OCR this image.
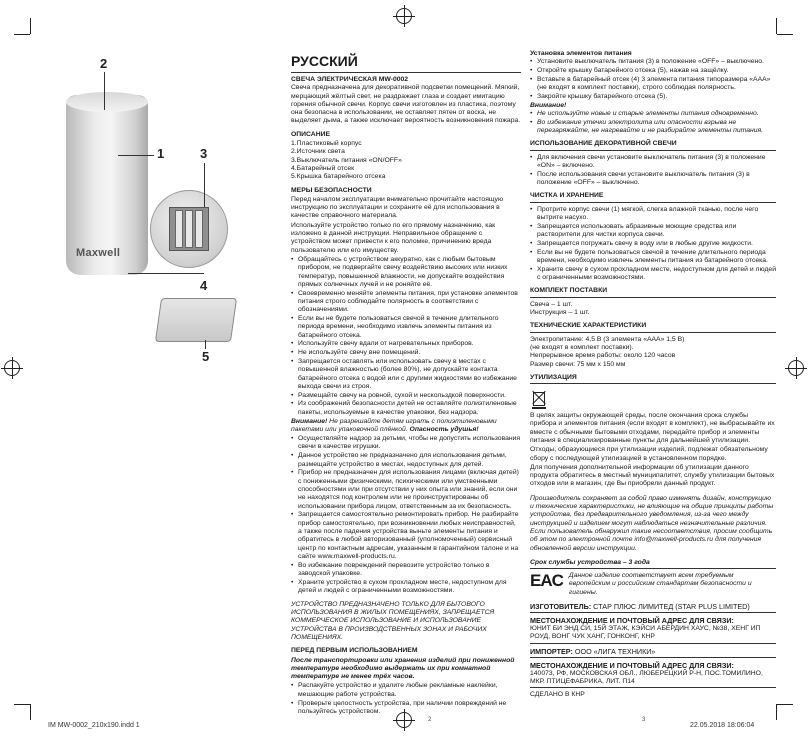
Maxwell
2
1	3
4
5
РУССКИЙ
СВЕЧА ЭЛЕКТРИЧЕСКАЯ MW-0002

Свеча предназначена для декоративной подсветки помещений. Мягкий, мерцающий жёлтый свет, не раздражает глаза и создает имитацию горения обычной свечи. Корпус свечи изготовлен из пластика, поэтому она безопасна в использовании, не оставляет пятен от воска, не выделяет дыма, а также исключает вероятность возникновения пожара.

ОПИСАНИЕ
1.Пластиковый корпус
2.Источник света
3.Выключатель питания «ON/OFF»
4.Батарейный отсек
5.Крышка батарейного отсека
МЕРЫ БЕЗОПАСНОСТИ

Перед началом эксплуатации внимательно прочитайте настоящую инструкцию по эксплуатации и сохраните её для использования в качестве справочного материала.

Используйте устройство только по его прямому назначению, как изложено в данной инструкции. Неправильное обращение с устройством может привести к его поломке, причинению вреда пользователю или его имуществу.

• Обращайтесь с устройством аккуратно, как с любым бытовым прибором, не подвергайте свечу воздействию высоких или низких температур, повышенной влажности, не допускайте воздействия прямых солнечных лучей и не роняйте её.
• Своевременно меняйте элементы питания, при установке элементов питания строго соблюдайте полярность в соответствии с обозначениями.
• Если вы не будете пользоваться свечой в течение длительного периода времени, необходимо извлечь элементы питания из батарейного отсека.
• Используйте свечу вдали от нагревательных приборов.
• Не используйте свечу вне помещений.
• Запрещается оставлять или использовать свечу в местах с повышенной влажностью (более 80%), не допускайте контакта батарейного отсека с водой или с другими жидкостями во избежание выхода свечи из строя.
• Размещайте свечу на ровной, сухой и нескольздкой поверхности.
• Из соображений безопасности детей не оставляйте полиэтиленовые пакеты, используемые в качестве упаковки, без надзора.

Внимание! Не разрешайте детям играть с полиэтиленовыми пакетами или упаковочной плёнкой. Опасность удушья!

• Осуществляйте надзор за детьми, чтобы не допустить использования свечи в качестве игрушки.
• Данное устройство не предназначено для использования детьми, размещайте устройство в местах, недоступных для детей.
• Прибор не предназначен для использования лицами (включая детей) с пониженными физическими, психическими или умственными способностями или при отсутствии у них опыта или знаний, если они не находятся под контролем или не проинструктированы об использовании прибора лицом, ответственным за их безопасность.
• Запрещается самостоятельно ремонтировать прибор. Не разбирайте прибор самостоятельно, при возникновении любых неисправностей, а также после падения устройства выньте элементы питания и обратитесь в любой авторизованный (уполномоченный) сервисный центр по контактным адресам, указанным в гарантийном талоне и на сайте www.maxwell-products.ru.
• Во избежание повреждений перевозите устройство только в заводской упаковке.
• Храните устройство в сухом прохладном месте, недоступном для детей и людей с ограниченными возможностями.

УСТРОЙСТВО ПРЕДНАЗНАЧЕНО ТОЛЬКО ДЛЯ БЫТОВОГО ИСПОЛЬЗОВАНИЯ В ЖИЛЫХ ПОМЕЩЕНИЯХ, ЗАПРЕЩАЕТСЯ КОММЕРЧЕСКОЕ ИСПОЛЬЗОВАНИЕ И ИСПОЛЬЗОВАНИЕ УСТРОЙСТВА В ПРОИЗВОДСТВЕННЫХ ЗОНАХ И РАБОЧИХ ПОМЕЩЕНИЯХ.

ПЕРЕД ПЕРВЫМ ИСПОЛЬЗОВАНИЕМ

После транспортировки или хранения изделий при пониженной температуре необходимо выдержать их при комнатной температуре не менее трёх часов.

• Распакуйте устройство и удалите любые рекламные наклейки, мешающие работе устройства.
• Проверьте целостность устройства, при наличии повреждений не пользуйтесь устройством.
2
Установка элементов питания
• Установите выключатель питания (3) в положение «OFF» – выключено.
• Откройте крышку батарейного отсека (5), нажав на защёлку.
• Вставьте в батарейный отсек (4) 3 элемента питания типоразмера «AAA» (не входят в комплект поставки), строго соблюдая полярность.
• Закройте крышку батарейного отсека (5).
Внимание!
• Не используйте новые и старые элементы питания одновременно.
• Во избежание утечки электролита или опасности взрыва не перезаряжайте, не нагревайте и не разбирайте элементы питания.
ИСПОЛЬЗОВАНИЕ ДЕКОРАТИВНОЙ СВЕЧИ
• Для включения свечи установите выключатель питания (3) в положение «ON» – включено.
• После использования свечи установите выключатель питания (3) в положение «OFF» – выключено.
ЧИСТКА И ХРАНЕНИЕ
• Протрите корпус свечи (1) мягкой, слегка влажной тканью, после чего вытрите насухо.
• Запрещается использовать абразивные моющие средства или растворители для чистки корпуса свечи.
• Запрещается погружать свечу в воду или в любые другие жидкости.
• Если вы не будете пользоваться свечой в течение длительного периода времени, необходимо извлечь элементы питания из батарейного отсека.
• Храните свечу в сухом прохладном месте, недоступном для детей и людей с ограниченными возможностями.
КОМПЛЕКТ ПОСТАВКИ
Свеча – 1 шт.
Инструкция – 1 шт.
ТЕХНИЧЕСКИЕ ХАРАКТЕРИСТИКИ
Электропитание: 4,5 В (3 элемента «AAA» 1,5 В)
(не входят в комплект поставки).
Непрерывное время работы: около 120 часов
Размер свечи: 75 мм х 150 мм
УТИЛИЗАЦИЯ

В целях защиты окружающей среды, после окончания срока службы прибора и элементов питания (если входят в комплект), не выбрасывайте их вместе с обычными бытовыми отходами, передайте прибор и элементы питания в специализированные пункты для дальнейшей утилизации.

Отходы, образующиеся при утилизации изделий, подлежат обязательному сбору с последующей утилизацией в установленном порядке.

Для получения дополнительной информации об утилизации данного продукта обратитесь в местный муниципалитет, службу утилизации бытовых отходов или в магазин, где Вы приобрели данный продукт.

Производитель сохраняет за собой право изменять дизайн, конструкцию и технические характеристики, не влияющие на общие принципы работы устройства, без предварительного уведомления, из-за чего между инструкцией и изделием могут наблюдаться незначительные различия. Если пользователь обнаружил такие несоответствия, просим сообщить об этом по электронной почте info@maxwell-products.ru для получения обновленной версии инструкции.

Срок службы устройства – 3 года
EAC Данное изделие соответствует всем требуемым европейским и российским стандартам безопасности и гигиены.
ИЗГОТОВИТЕЛЬ: СТАР ПЛЮС ЛИМИТЕД (STAR PLUS LIMITED)
МЕСТОНАХОЖДЕНИЕ И ПОЧТОВЫЙ АДРЕС ДЛЯ СВЯЗИ:
ЮНИТ БИ ЭНД СИ, 15Й ЭТАЖ, КЭЙСИ АБЕРДИН ХАУС, №38, ХЕНГ ИП РОУД, ВОНГ ЧУК ХАНГ, ГОНКОНГ, КНР
ИМПОРТЕР: ООО «ЛИГА ТЕХНИКИ»
МЕСТОНАХОЖДЕНИЕ И ПОЧТОВЫЙ АДРЕС ДЛЯ СВЯЗИ:
140073, РФ, МОСКОВСКАЯ ОБЛ., ЛЮБЕРЕЦКИЙ Р-Н, ПОС.ТОМИЛИНО, МКР. ПТИЦЕФАБРИКА, ЛИТ. П14
СДЕЛАНО В КНР
3
IM MW-0002_210x190.indd 1	22.05.2018 18:06:04
